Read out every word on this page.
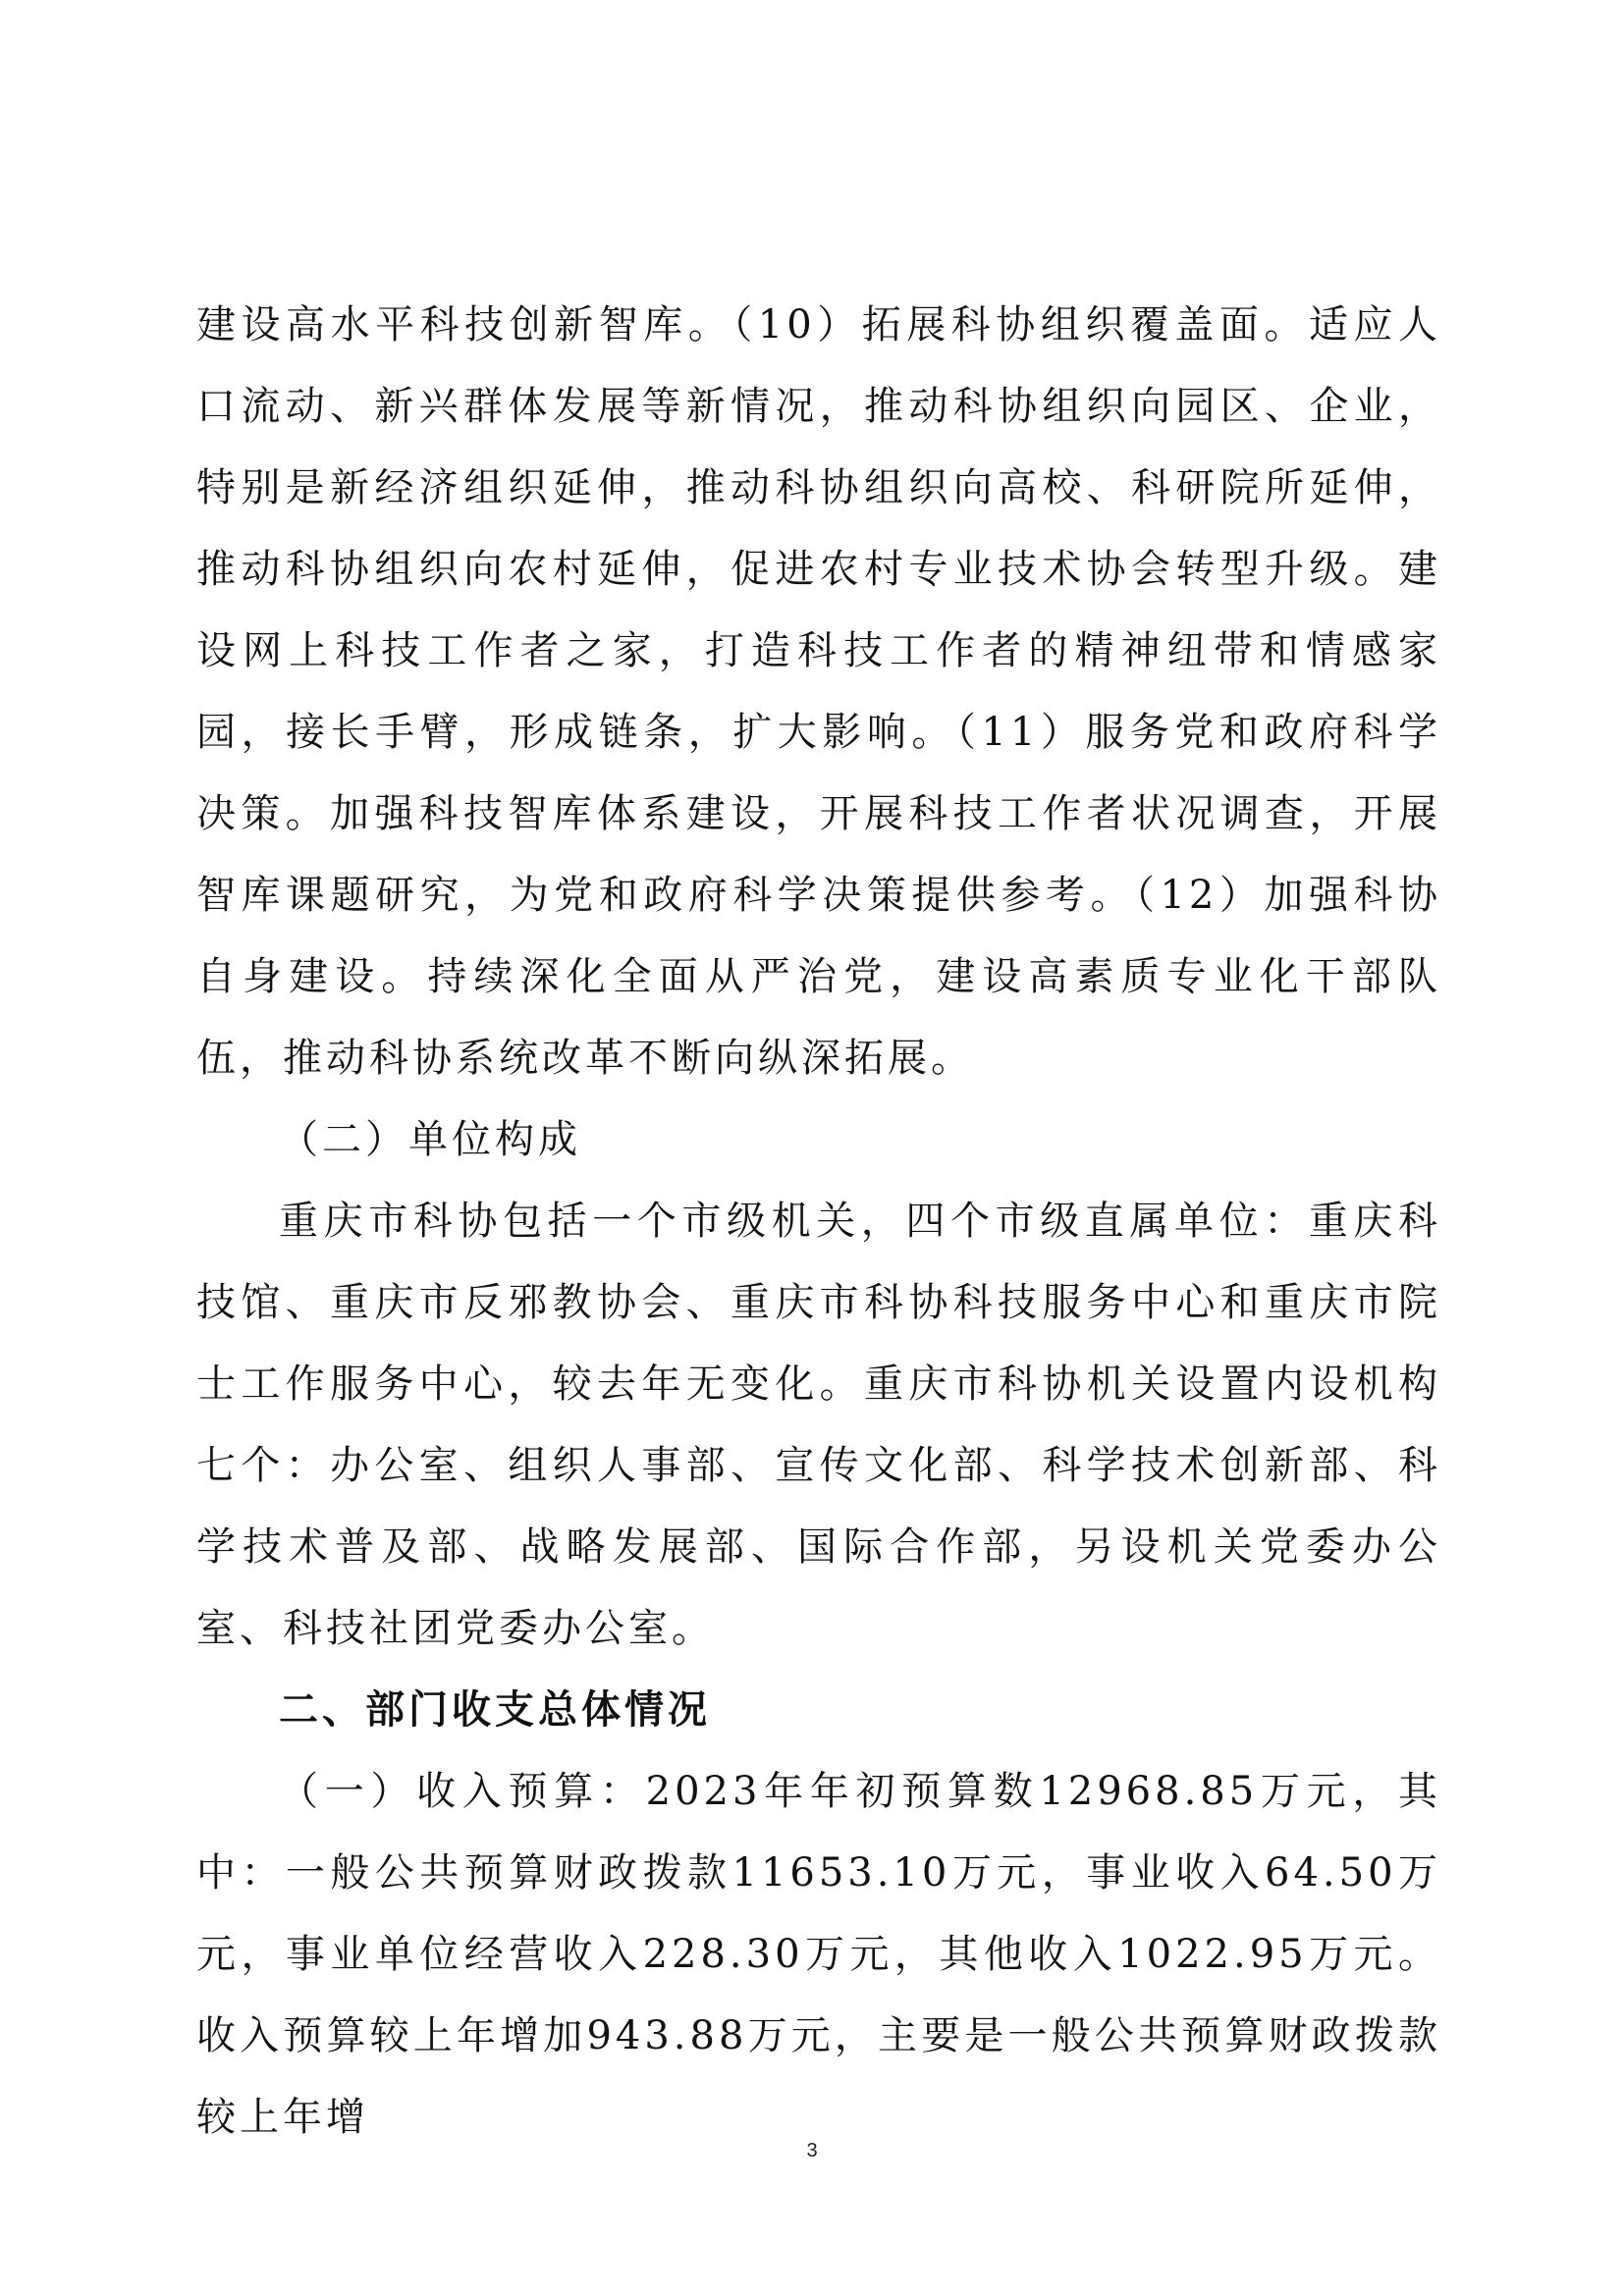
建设高水平科技创新智库。（10）拓展科协组织覆盖面。适应人口流动、新兴群体发展等新情况，推动科协组织向园区、企业，特别是新经济组织延伸，推动科协组织向高校、科研院所延伸，推动科协组织向农村延伸，促进农村专业技术协会转型升级。建设网上科技工作者之家，打造科技工作者的精神纽带和情感家园，接长手臂，形成链条，扩大影响。（11）服务党和政府科学决策。加强科技智库体系建设，开展科技工作者状况调查，开展智库课题研究，为党和政府科学决策提供参考。（12）加强科协自身建设。持续深化全面从严治党，建设高素质专业化干部队伍，推动科协系统改革不断向纵深拓展。

（二）单位构成

重庆市科协包括一个市级机关，四个市级直属单位：重庆科技馆、重庆市反邪教协会、重庆市科协科技服务中心和重庆市院士工作服务中心，较去年无变化。重庆市科协机关设置内设机构七个：办公室、组织人事部、宣传文化部、科学技术创新部、科学技术普及部、战略发展部、国际合作部，另设机关党委办公室、科技社团党委办公室。

二、部门收支总体情况

（一）收入预算：2023年年初预算数12968.85万元，其中：一般公共预算财政拨款11653.10万元，事业收入64.50万元，事业单位经营收入228.30万元，其他收入1022.95万元。收入预算较上年增加943.88万元，主要是一般公共预算财政拨款较上年增

3
